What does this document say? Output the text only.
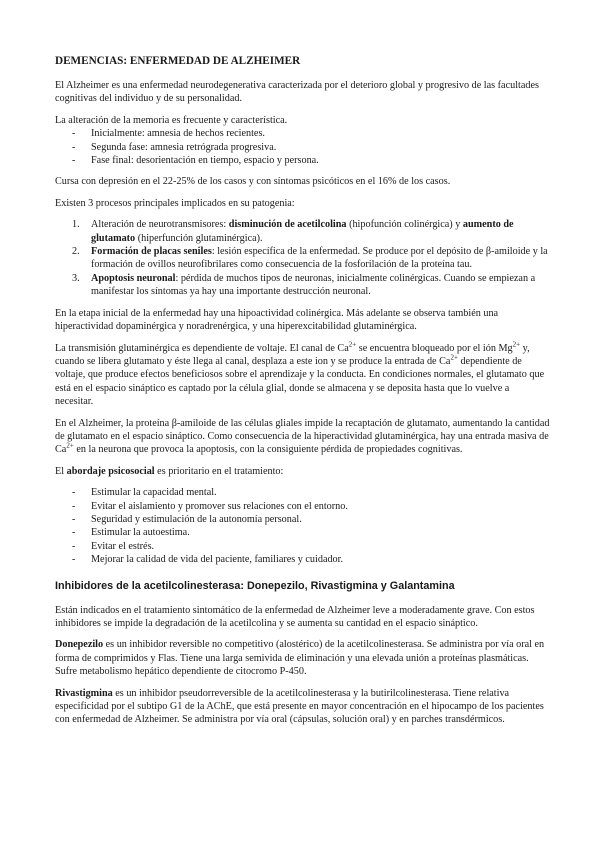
DEMENCIAS: ENFERMEDAD DE ALZHEIMER

El Alzheimer es una enfermedad neurodegenerativa caracterizada por el deterioro global y progresivo de las facultades cognitivas del individuo y de su personalidad.

La alteración de la memoria es frecuente y característica.

- Inicialmente: amnesia de hechos recientes.
- Segunda fase: amnesia retrógrada progresiva.
- Fase final: desorientación en tiempo, espacio y persona.

Cursa con depresión en el 22-25% de los casos y con síntomas psicóticos en el 16% de los casos.

Existen 3 procesos principales implicados en su patogenia:

1. Alteración de neurotransmisores: disminución de acetilcolina (hipofunción colinérgica) y aumento de glutamato (hiperfunción glutaminérgica).
2. Formación de placas seniles: lesión específica de la enfermedad. Se produce por el depósito de β-amiloide y la formación de ovillos neurofibrilares como consecuencia de la fosforilación de la proteína tau.
3. Apoptosis neuronal: pérdida de muchos tipos de neuronas, inicialmente colinérgicas. Cuando se empiezan a manifestar los síntomas ya hay una importante destrucción neuronal.

En la etapa inicial de la enfermedad hay una hipoactividad colinérgica. Más adelante se observa también una hiperactividad dopaminérgica y noradrenérgica, y una hiperexcitabilidad glutaminérgica.

La transmisión glutaminérgica es dependiente de voltaje. El canal de $Ca^{2+}$ se encuentra bloqueado por el ión $Mg^{2+}$ y, cuando se libera glutamato y éste llega al canal, desplaza a este ion y se produce la entrada de $Ca^{2+}$ dependiente de voltaje, que produce efectos beneficiosos sobre el aprendizaje y la conducta. En condiciones normales, el glutamato que está en el espacio sináptico es captado por la célula glial, donde se almacena y se deposita hasta que lo vuelve a necesitar.

En el Alzheimer, la proteína β-amiloide de las células gliales impide la recaptación de glutamato, aumentando la cantidad de glutamato en el espacio sináptico. Como consecuencia de la hiperactividad glutaminérgica, hay una entrada masiva de $Ca^{2+}$ en la neurona que provoca la apoptosis, con la consiguiente pérdida de propiedades cognitivas.

El abordaje psicosocial es prioritario en el tratamiento:

- Estimular la capacidad mental.
- Evitar el aislamiento y promover sus relaciones con el entorno.
- Seguridad y estimulación de la autonomía personal.
- Estimular la autoestima.
- Evitar el estrés.
- Mejorar la calidad de vida del paciente, familiares y cuidador.
Inhibidores de la acetilcolinesterasa: Donepezilo, Rivastigmina y Galantamina

Están indicados en el tratamiento sintomático de la enfermedad de Alzheimer leve a moderadamente grave. Con estos inhibidores se impide la degradación de la acetilcolina y se aumenta su cantidad en el espacio sináptico.

Donepezilo es un inhibidor reversible no competitivo (alostérico) de la acetilcolinesterasa. Se administra por vía oral en forma de comprimidos y Flas. Tiene una larga semivida de eliminación y una elevada unión a proteínas plasmáticas. Sufre metabolismo hepático dependiente de citocromo P-450.

Rivastigmina es un inhibidor pseudorreversible de la acetilcolinesterasa y la butirilcolinesterasa. Tiene relativa especificidad por el subtipo G1 de la AChE, que está presente en mayor concentración en el hipocampo de los pacientes con enfermedad de Alzheimer. Se administra por vía oral (cápsulas, solución oral) y en parches transdérmicos.
